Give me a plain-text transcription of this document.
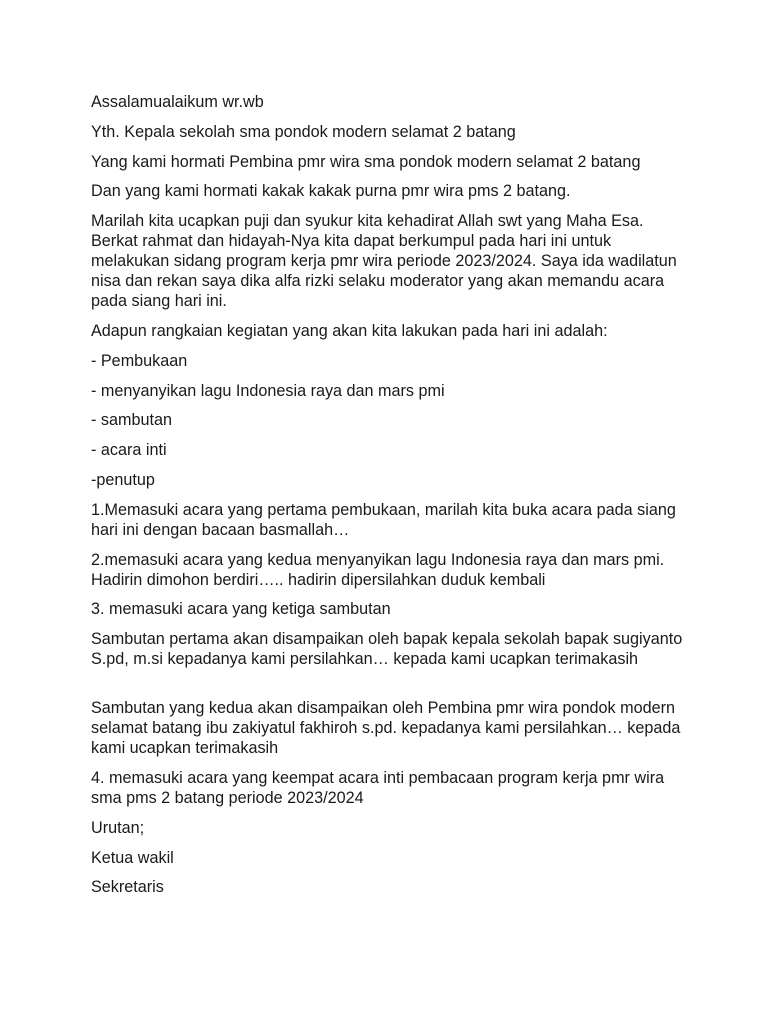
Assalamualaikum wr.wb

Yth. Kepala sekolah sma pondok modern selamat 2 batang

Yang kami hormati Pembina pmr wira sma pondok modern selamat 2 batang

Dan yang kami hormati kakak kakak purna pmr wira pms 2 batang.

Marilah kita ucapkan puji dan syukur kita kehadirat Allah swt yang Maha Esa. Berkat rahmat dan hidayah-Nya kita dapat berkumpul pada hari ini untuk melakukan sidang program kerja pmr wira periode 2023/2024. Saya ida wadilatun nisa dan rekan saya dika alfa rizki selaku moderator yang akan memandu acara pada siang hari ini.

Adapun rangkaian kegiatan yang akan kita lakukan pada hari ini adalah:

- Pembukaan

- menyanyikan lagu Indonesia raya dan mars pmi

- sambutan

- acara inti

-penutup

1.Memasuki acara yang pertama pembukaan, marilah kita buka acara pada siang hari ini dengan bacaan basmallah…

2.memasuki acara yang kedua menyanyikan lagu Indonesia raya dan mars pmi. Hadirin dimohon berdiri….. hadirin dipersilahkan duduk kembali

3. memasuki acara yang ketiga sambutan

Sambutan pertama akan disampaikan oleh bapak kepala sekolah bapak sugiyanto S.pd, m.si kepadanya kami persilahkan… kepada kami ucapkan terimakasih

Sambutan yang kedua akan disampaikan oleh Pembina pmr wira pondok modern selamat batang ibu zakiyatul fakhiroh s.pd. kepadanya kami persilahkan… kepada kami ucapkan terimakasih

4. memasuki acara yang keempat acara inti pembacaan program kerja pmr wira sma pms 2 batang periode 2023/2024

Urutan;

Ketua wakil

Sekretaris
